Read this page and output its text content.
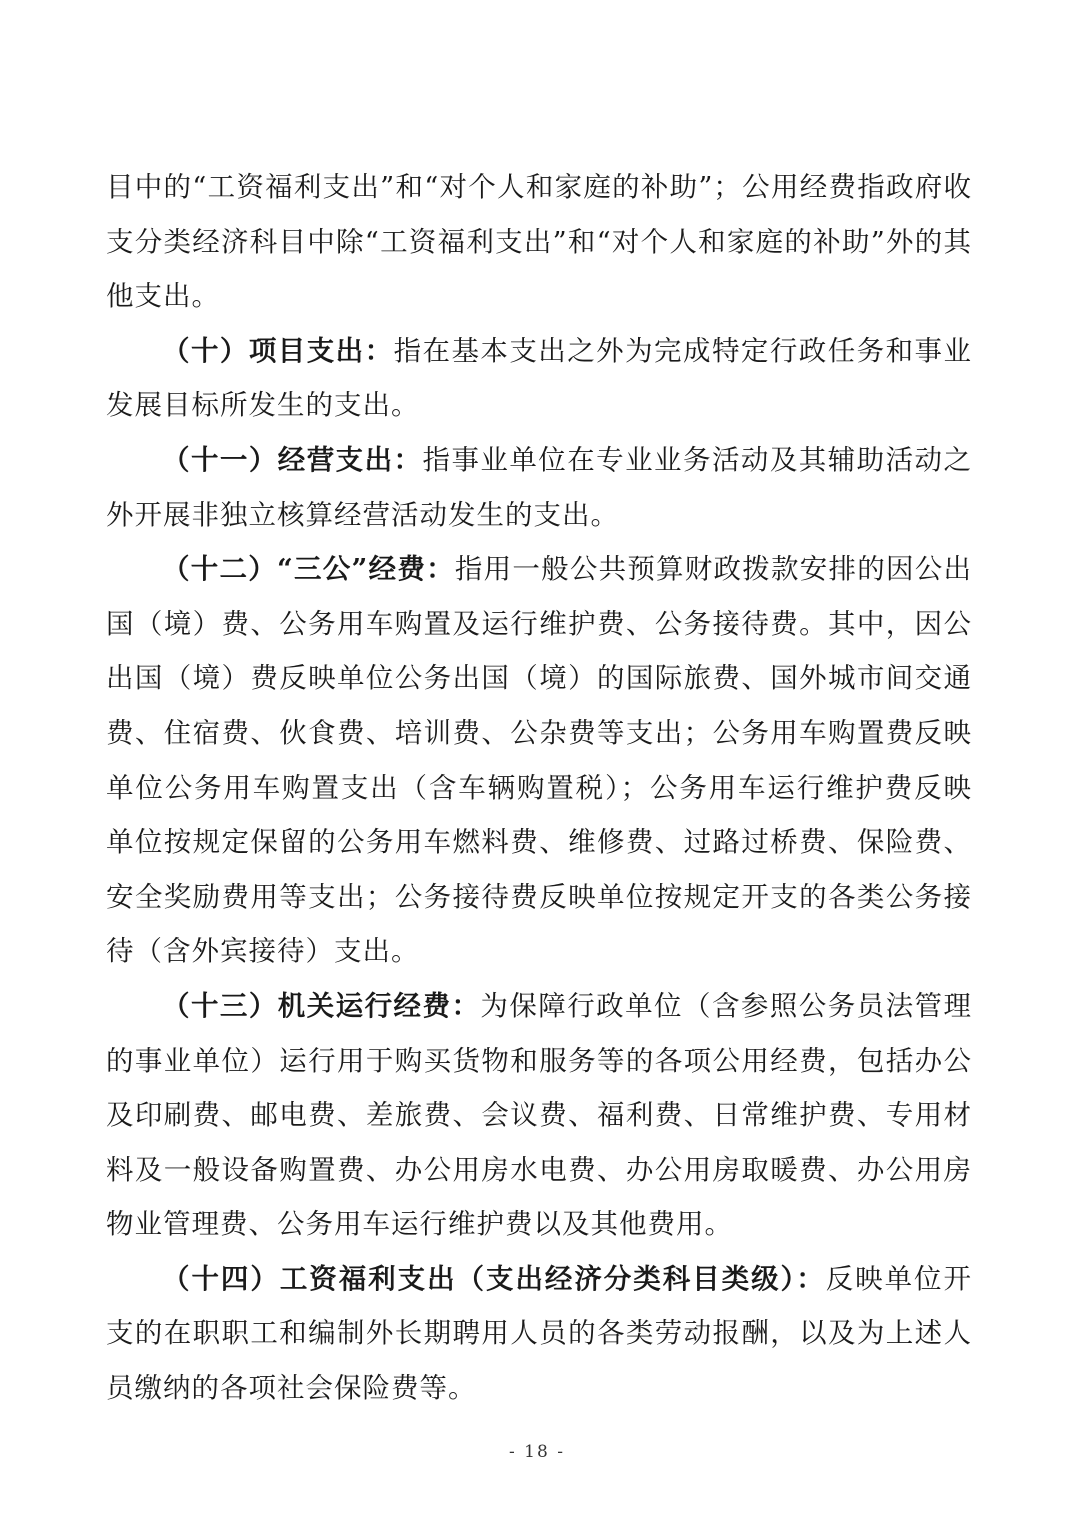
目中的“工资福利支出”和“对个人和家庭的补助”；公用经费指政府收支分类经济科目中除“工资福利支出”和“对个人和家庭的补助”外的其他支出。

（十）项目支出：指在基本支出之外为完成特定行政任务和事业发展目标所发生的支出。

（十一）经营支出：指事业单位在专业业务活动及其辅助活动之外开展非独立核算经营活动发生的支出。

（十二）“三公”经费：指用一般公共预算财政拨款安排的因公出国（境）费、公务用车购置及运行维护费、公务接待费。其中，因公出国（境）费反映单位公务出国（境）的国际旅费、国外城市间交通费、住宿费、伙食费、培训费、公杂费等支出；公务用车购置费反映单位公务用车购置支出（含车辆购置税）；公务用车运行维护费反映单位按规定保留的公务用车燃料费、维修费、过路过桥费、保险费、安全奖励费用等支出；公务接待费反映单位按规定开支的各类公务接待（含外宾接待）支出。

（十三）机关运行经费：为保障行政单位（含参照公务员法管理的事业单位）运行用于购买货物和服务等的各项公用经费，包括办公及印刷费、邮电费、差旅费、会议费、福利费、日常维护费、专用材料及一般设备购置费、办公用房水电费、办公用房取暖费、办公用房物业管理费、公务用车运行维护费以及其他费用。

（十四）工资福利支出（支出经济分类科目类级）：反映单位开支的在职职工和编制外长期聘用人员的各类劳动报酬，以及为上述人员缴纳的各项社会保险费等。

- 18 -
